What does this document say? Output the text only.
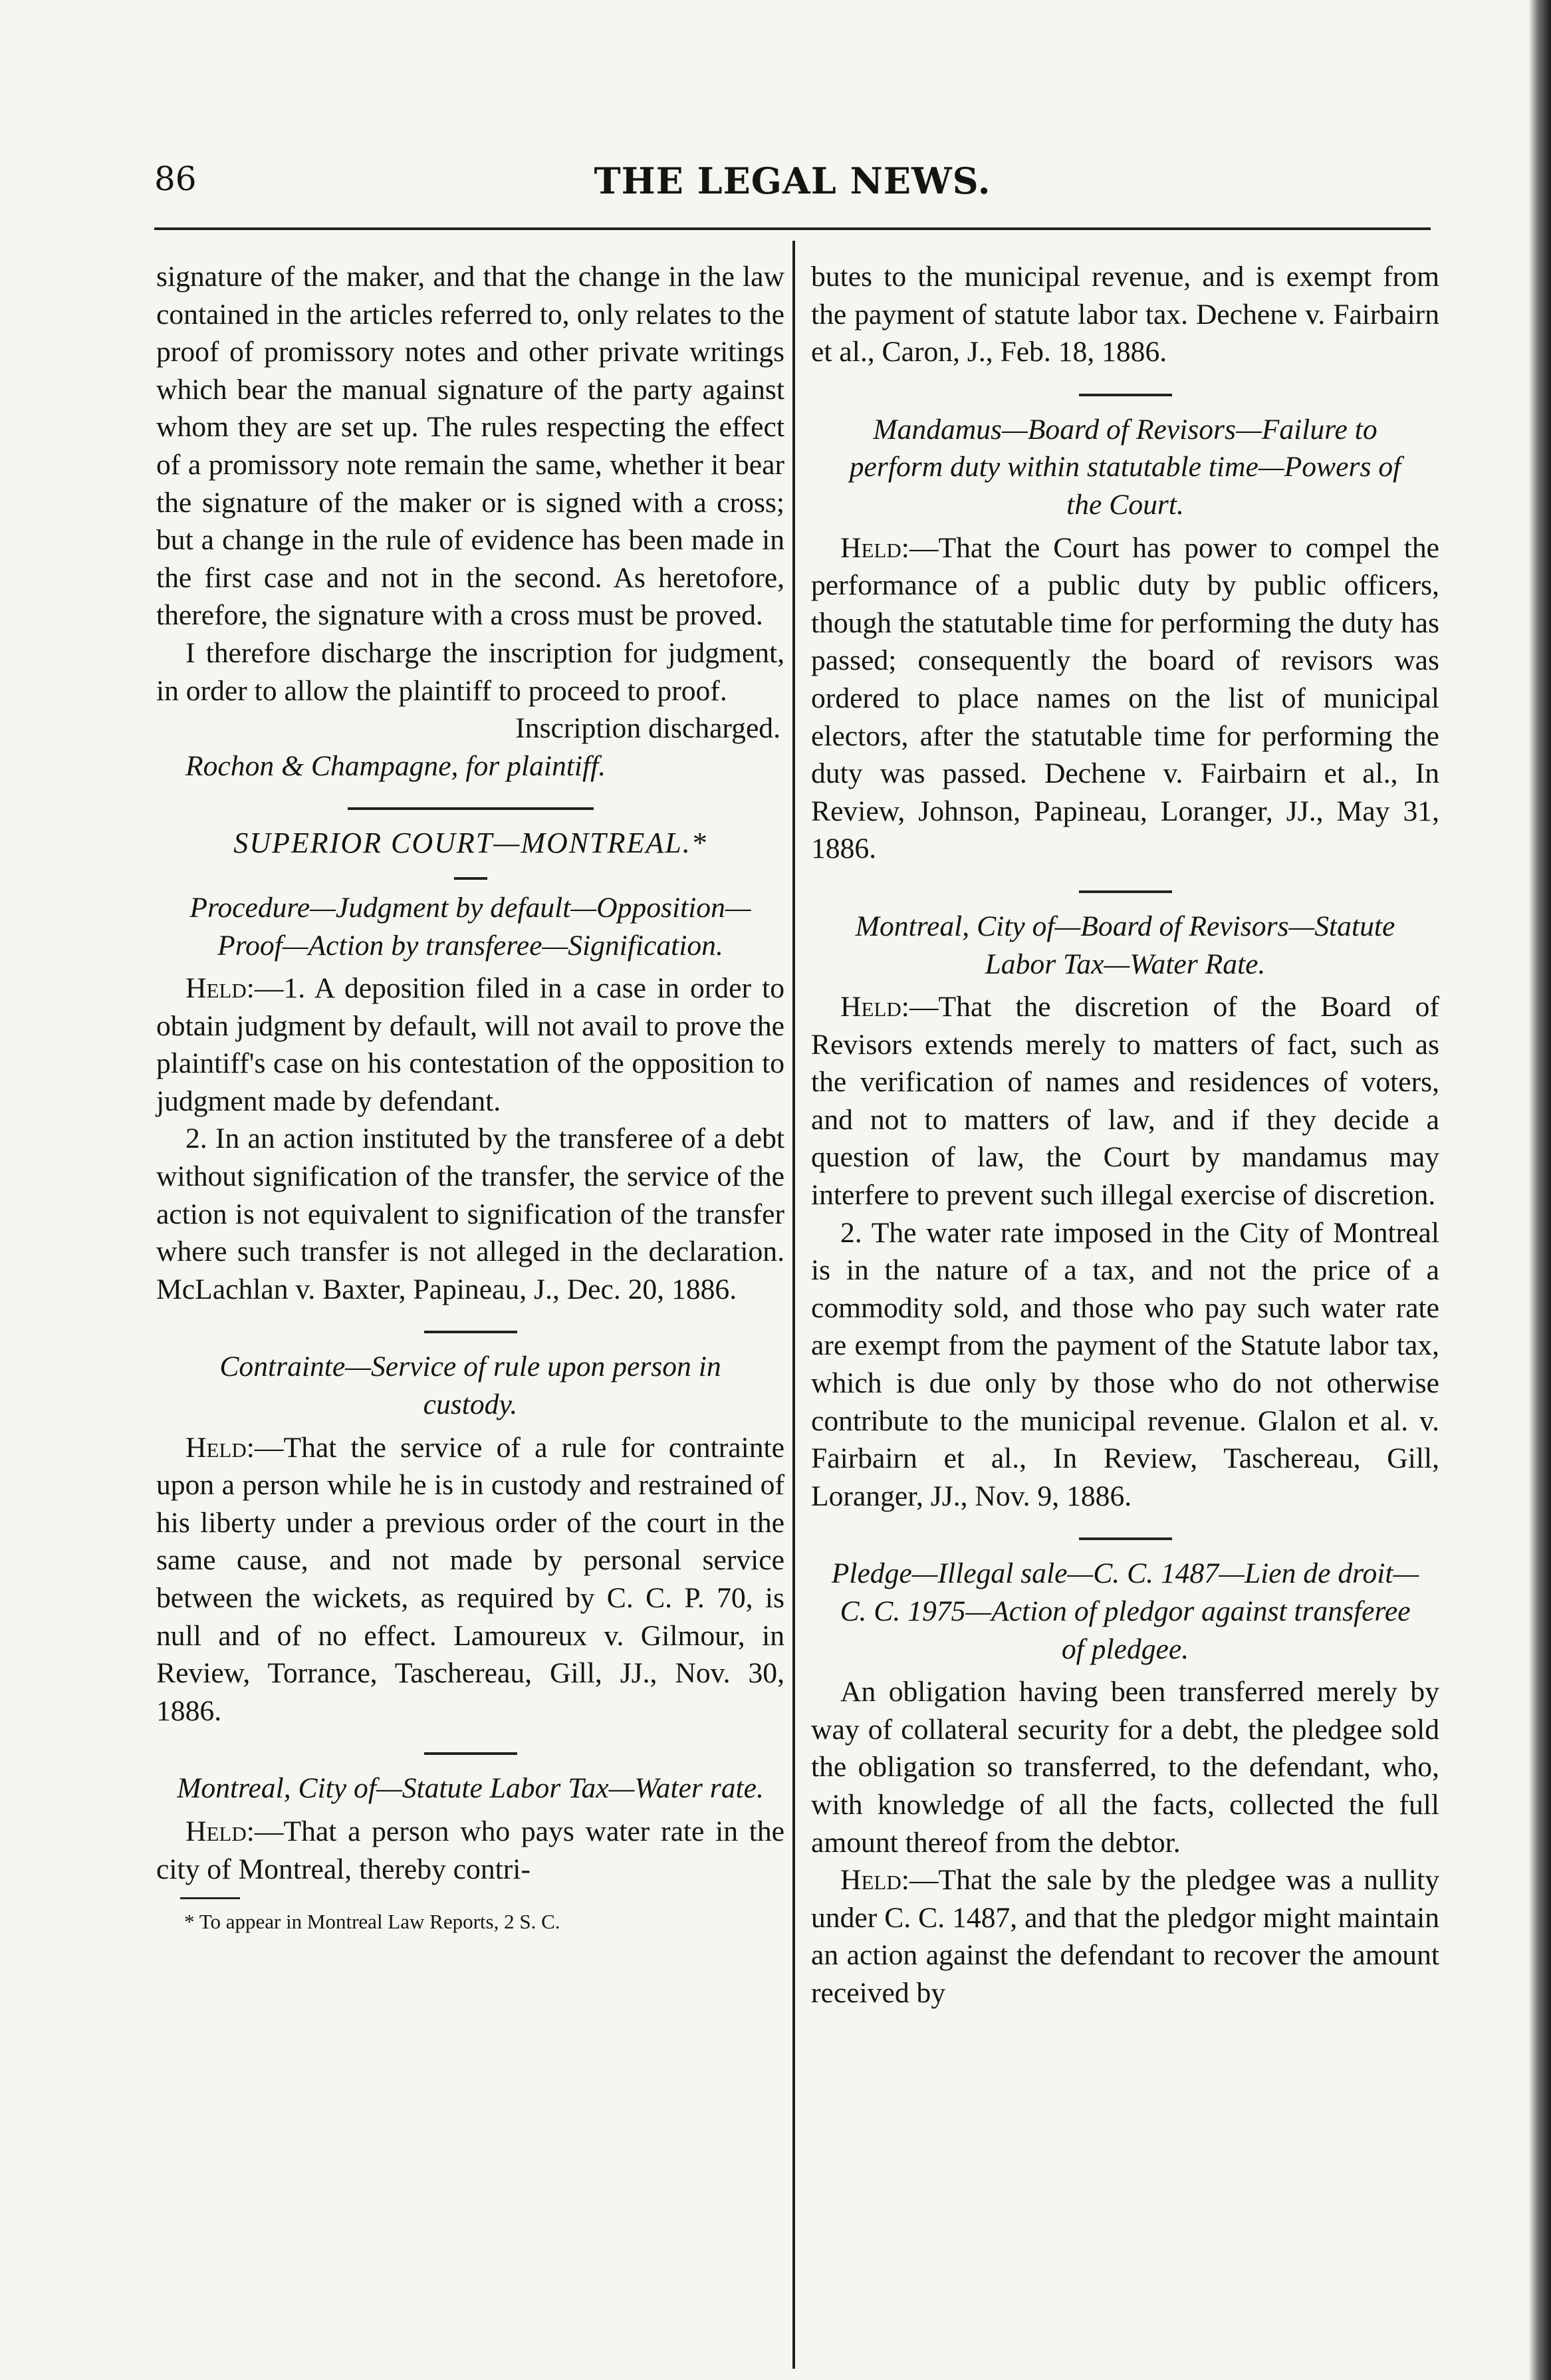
86	THE LEGAL NEWS.

signature of the maker, and that the change in the law contained in the articles referred to, only relates to the proof of promissory notes and other private writings which bear the manual signature of the party against whom they are set up. The rules respecting the effect of a promissory note remain the same, whether it bear the signature of the maker or is signed with a cross; but a change in the rule of evidence has been made in the first case and not in the second. As heretofore, therefore, the signature with a cross must be proved.

I therefore discharge the inscription for judgment, in order to allow the plaintiff to proceed to proof.

Inscription discharged.

Rochon & Champagne, for plaintiff.

SUPERIOR COURT—MONTREAL.*

Procedure—Judgment by default—Opposition—Proof—Action by transferee—Signification.

Held:—1. A deposition filed in a case in order to obtain judgment by default, will not avail to prove the plaintiff's case on his contestation of the opposition to judgment made by defendant.

2. In an action instituted by the transferee of a debt without signification of the transfer, the service of the action is not equivalent to signification of the transfer where such transfer is not alleged in the declaration. McLachlan v. Baxter, Papineau, J., Dec. 20, 1886.

Contrainte—Service of rule upon person in custody.

Held:—That the service of a rule for contrainte upon a person while he is in custody and restrained of his liberty under a previous order of the court in the same cause, and not made by personal service between the wickets, as required by C. C. P. 70, is null and of no effect. Lamoureux v. Gilmour, in Review, Torrance, Taschereau, Gill, JJ., Nov. 30, 1886.

Montreal, City of—Statute Labor Tax—Water rate.

Held:—That a person who pays water rate in the city of Montreal, thereby contri-

* To appear in Montreal Law Reports, 2 S. C.

butes to the municipal revenue, and is exempt from the payment of statute labor tax. Dechene v. Fairbairn et al., Caron, J., Feb. 18, 1886.

Mandamus—Board of Revisors—Failure to perform duty within statutable time—Powers of the Court.

Held:—That the Court has power to compel the performance of a public duty by public officers, though the statutable time for performing the duty has passed; consequently the board of revisors was ordered to place names on the list of municipal electors, after the statutable time for performing the duty was passed. Dechene v. Fairbairn et al., In Review, Johnson, Papineau, Loranger, JJ., May 31, 1886.

Montreal, City of—Board of Revisors—Statute Labor Tax—Water Rate.

Held:—That the discretion of the Board of Revisors extends merely to matters of fact, such as the verification of names and residences of voters, and not to matters of law, and if they decide a question of law, the Court by mandamus may interfere to prevent such illegal exercise of discretion.

2. The water rate imposed in the City of Montreal is in the nature of a tax, and not the price of a commodity sold, and those who pay such water rate are exempt from the payment of the Statute labor tax, which is due only by those who do not otherwise contribute to the municipal revenue. Glalon et al. v. Fairbairn et al., In Review, Taschereau, Gill, Loranger, JJ., Nov. 9, 1886.

Pledge—Illegal sale—C. C. 1487—Lien de droit—C. C. 1975—Action of pledgor against transferee of pledgee.

An obligation having been transferred merely by way of collateral security for a debt, the pledgee sold the obligation so transferred, to the defendant, who, with knowledge of all the facts, collected the full amount thereof from the debtor.

Held:—That the sale by the pledgee was a nullity under C. C. 1487, and that the pledgor might maintain an action against the defendant to recover the amount received by
